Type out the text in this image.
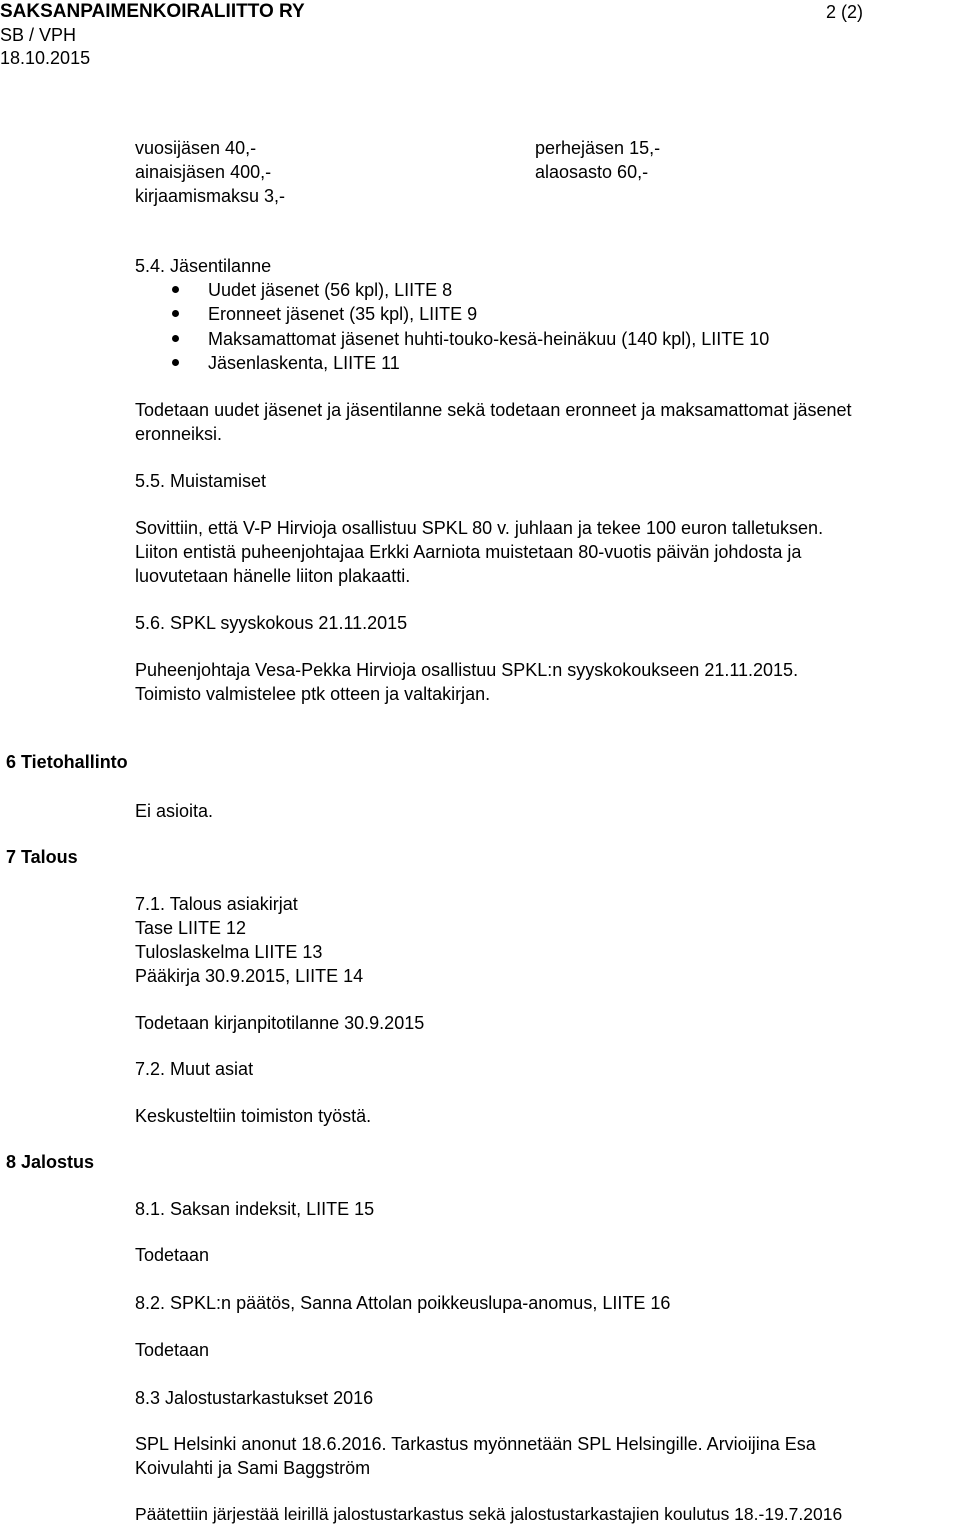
SAKSANPAIMENKOIRALIITTO RY	2 (2)
SB / VPH
18.10.2015
vuosijäsen 40,-
ainaisjäsen 400,-
kirjaamismaksu 3,-
perhejäsen 15,-
alaosasto 60,-
5.4. Jäsentilanne
Uudet jäsenet (56 kpl), LIITE 8
Eronneet jäsenet (35 kpl), LIITE 9
Maksamattomat jäsenet huhti-touko-kesä-heinäkuu (140 kpl), LIITE 10
Jäsenlaskenta, LIITE 11
Todetaan uudet jäsenet ja jäsentilanne sekä todetaan eronneet ja maksamattomat jäsenet
eronneiksi.
5.5. Muistamiset
Sovittiin, että V-P Hirvioja osallistuu SPKL 80 v. juhlaan ja tekee 100 euron talletuksen.
Liiton entistä puheenjohtajaa Erkki Aarniota muistetaan 80-vuotis päivän johdosta ja
luovutetaan hänelle liiton plakaatti.
5.6. SPKL syyskokous 21.11.2015
Puheenjohtaja Vesa-Pekka Hirvioja osallistuu SPKL:n syyskokoukseen 21.11.2015.
Toimisto valmistelee ptk otteen ja valtakirjan.
6 Tietohallinto
Ei asioita.
7 Talous
7.1. Talous asiakirjat
Tase LIITE 12
Tuloslaskelma LIITE 13
Pääkirja 30.9.2015, LIITE 14
Todetaan kirjanpitotilanne 30.9.2015
7.2. Muut asiat
Keskusteltiin toimiston työstä.
8 Jalostus
8.1. Saksan indeksit, LIITE 15
Todetaan
8.2. SPKL:n päätös, Sanna Attolan poikkeuslupa-anomus, LIITE 16
Todetaan
8.3 Jalostustarkastukset 2016
SPL Helsinki anonut 18.6.2016. Tarkastus myönnetään SPL Helsingille. Arvioijina Esa
Koivulahti ja Sami Baggström
Päätettiin järjestää leirillä jalostustarkastus sekä jalostustarkastajien koulutus 18.-19.7.2016
